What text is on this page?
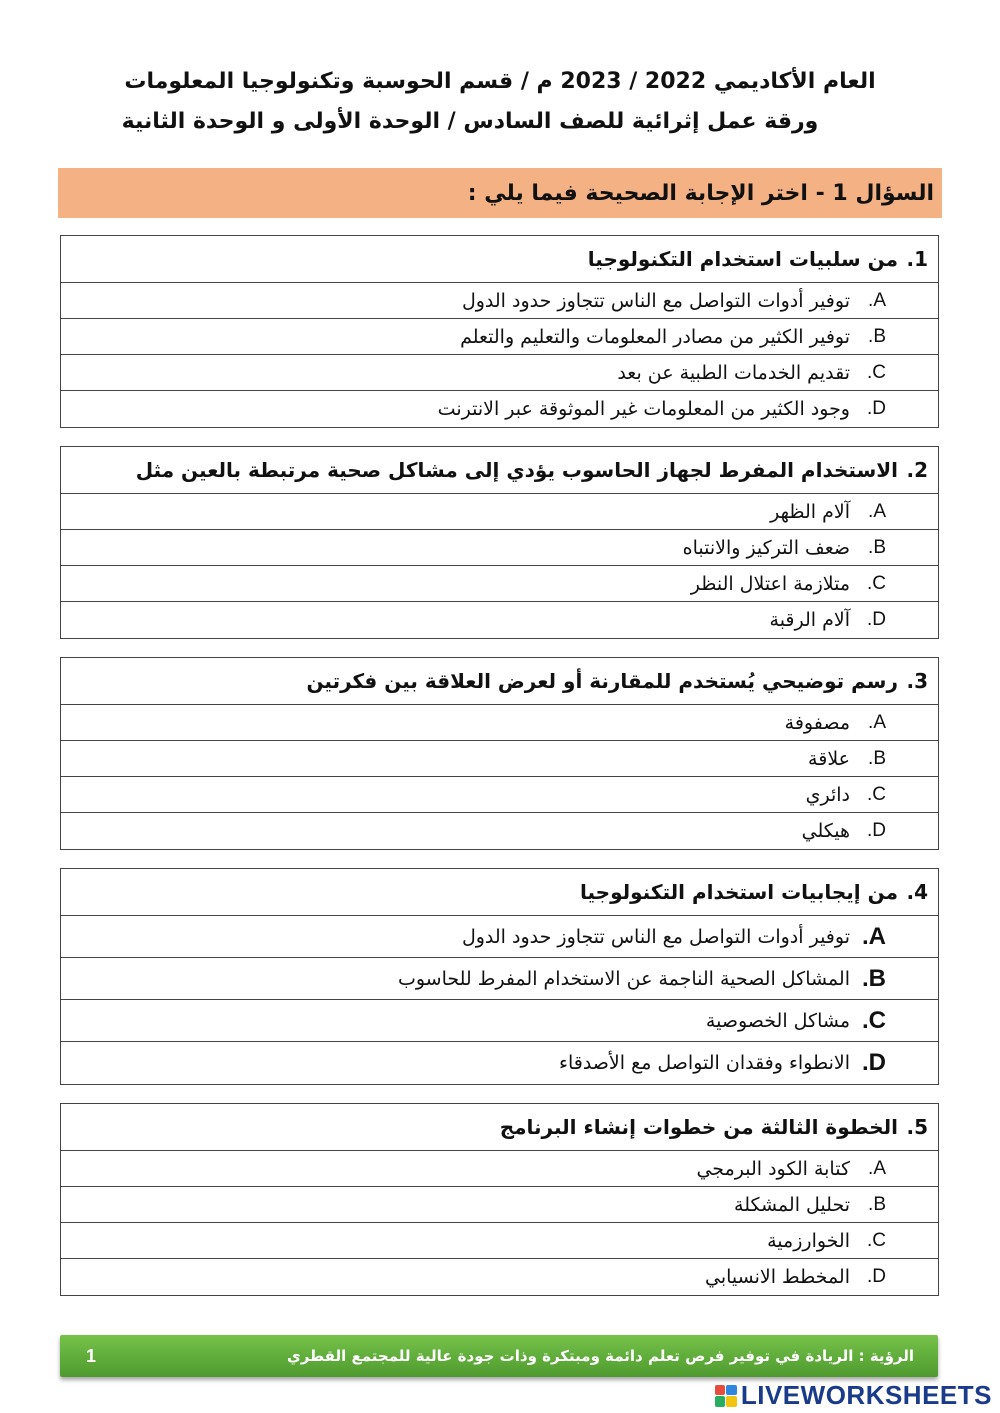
العام الأكاديمي 2022 / 2023 م / قسم الحوسبة وتكنولوجيا المعلومات
ورقة عمل إثرائية للصف السادس / الوحدة الأولى و الوحدة الثانية
السؤال 1 - اختر الإجابة الصحيحة فيما يلي :
1.
من سلبيات استخدام التكنولوجيا
A.
توفير أدوات التواصل مع الناس تتجاوز حدود الدول
B.
توفير الكثير من مصادر المعلومات والتعليم والتعلم
C.
تقديم الخدمات الطبية عن بعد
D.
وجود الكثير من المعلومات غير الموثوقة عبر الانترنت
2.
الاستخدام المفرط لجهاز الحاسوب يؤدي إلى مشاكل صحية مرتبطة بالعين مثل
A.
آلام الظهر
B.
ضعف التركيز والانتباه
C.
متلازمة اعتلال النظر
D.
آلام الرقبة
3.
رسم توضيحي يُستخدم للمقارنة أو لعرض العلاقة بين فكرتين
A.
مصفوفة
B.
علاقة
C.
دائري
D.
هيكلي
4.
من إيجابيات استخدام التكنولوجيا
A.
توفير أدوات التواصل مع الناس تتجاوز حدود الدول
B.
المشاكل الصحية الناجمة عن الاستخدام المفرط للحاسوب
C.
مشاكل الخصوصية
D.
الانطواء وفقدان التواصل مع الأصدقاء
5.
الخطوة الثالثة من خطوات إنشاء البرنامج
A.
كتابة الكود البرمجي
B.
تحليل المشكلة
C.
الخوارزمية
D.
المخطط الانسيابي
1	الرؤية : الريادة في توفير فرص تعلم دائمة ومبتكرة وذات جودة عالية للمجتمع القطري
LIVEWORKSHEETS
